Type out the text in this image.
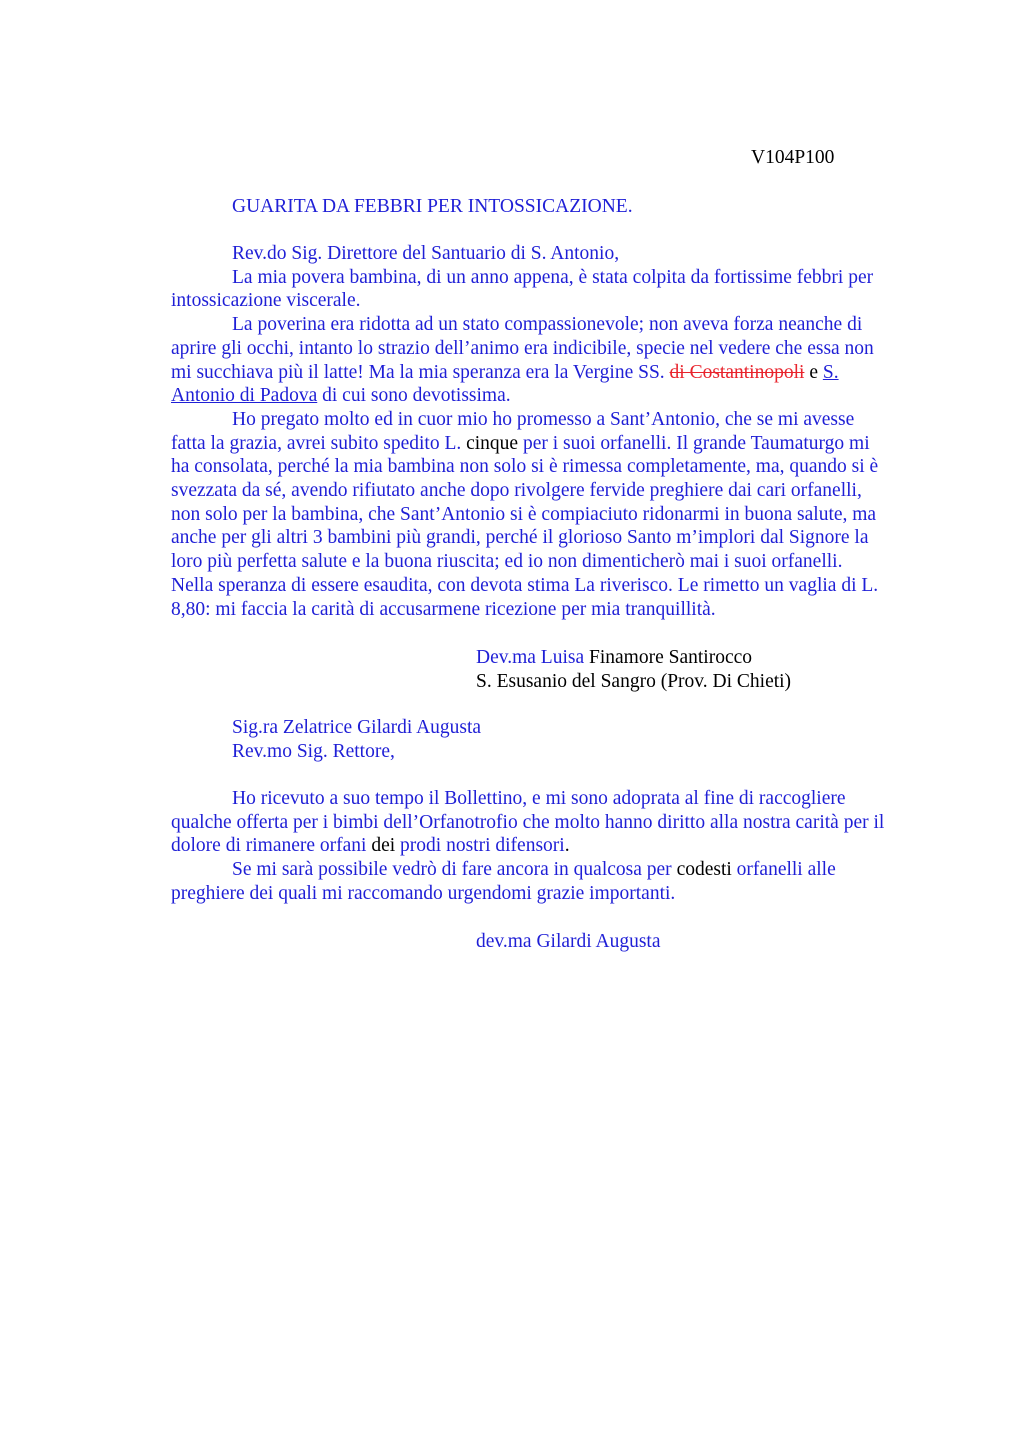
V104P100
GUARITA DA FEBBRI PER INTOSSICAZIONE.
Rev.do Sig. Direttore del Santuario di S. Antonio,
La mia povera bambina, di un anno appena, è stata colpita da fortissime febbri per
intossicazione viscerale.
La poverina era ridotta ad un stato compassionevole; non aveva forza neanche di
aprire gli occhi, intanto lo strazio dell’animo era indicibile, specie nel vedere che essa non
mi succhiava più il latte! Ma la mia speranza era la Vergine SS. di Costantinopoli e S.
Antonio di Padova di cui sono devotissima.
Ho pregato molto ed in cuor mio ho promesso a Sant’Antonio, che se mi avesse
fatta la grazia, avrei subito spedito L. cinque per i suoi orfanelli. Il grande Taumaturgo mi
ha consolata, perché la mia bambina non solo si è rimessa completamente, ma, quando si è
svezzata da sé, avendo rifiutato anche dopo rivolgere fervide preghiere dai cari orfanelli,
non solo per la bambina, che Sant’Antonio si è compiaciuto ridonarmi in buona salute, ma
anche per gli altri 3 bambini più grandi, perché il glorioso Santo m’implori dal Signore la
loro più perfetta salute e la buona riuscita; ed io non dimenticherò mai i suoi orfanelli.
Nella speranza di essere esaudita, con devota stima La riverisco. Le rimetto un vaglia di L.
8,80: mi faccia la carità di accusarmene ricezione per mia tranquillità.
Dev.ma Luisa Finamore Santirocco
S. Esusanio del Sangro (Prov. Di Chieti)
Sig.ra Zelatrice Gilardi Augusta
Rev.mo Sig. Rettore,
Ho ricevuto a suo tempo il Bollettino, e mi sono adoprata al fine di raccogliere
qualche offerta per i bimbi dell’Orfanotrofio che molto hanno diritto alla nostra carità per il
dolore di rimanere orfani dei prodi nostri difensori.
Se mi sarà possibile vedrò di fare ancora in qualcosa per codesti orfanelli alle
preghiere dei quali mi raccomando urgendomi grazie importanti.
dev.ma Gilardi Augusta
